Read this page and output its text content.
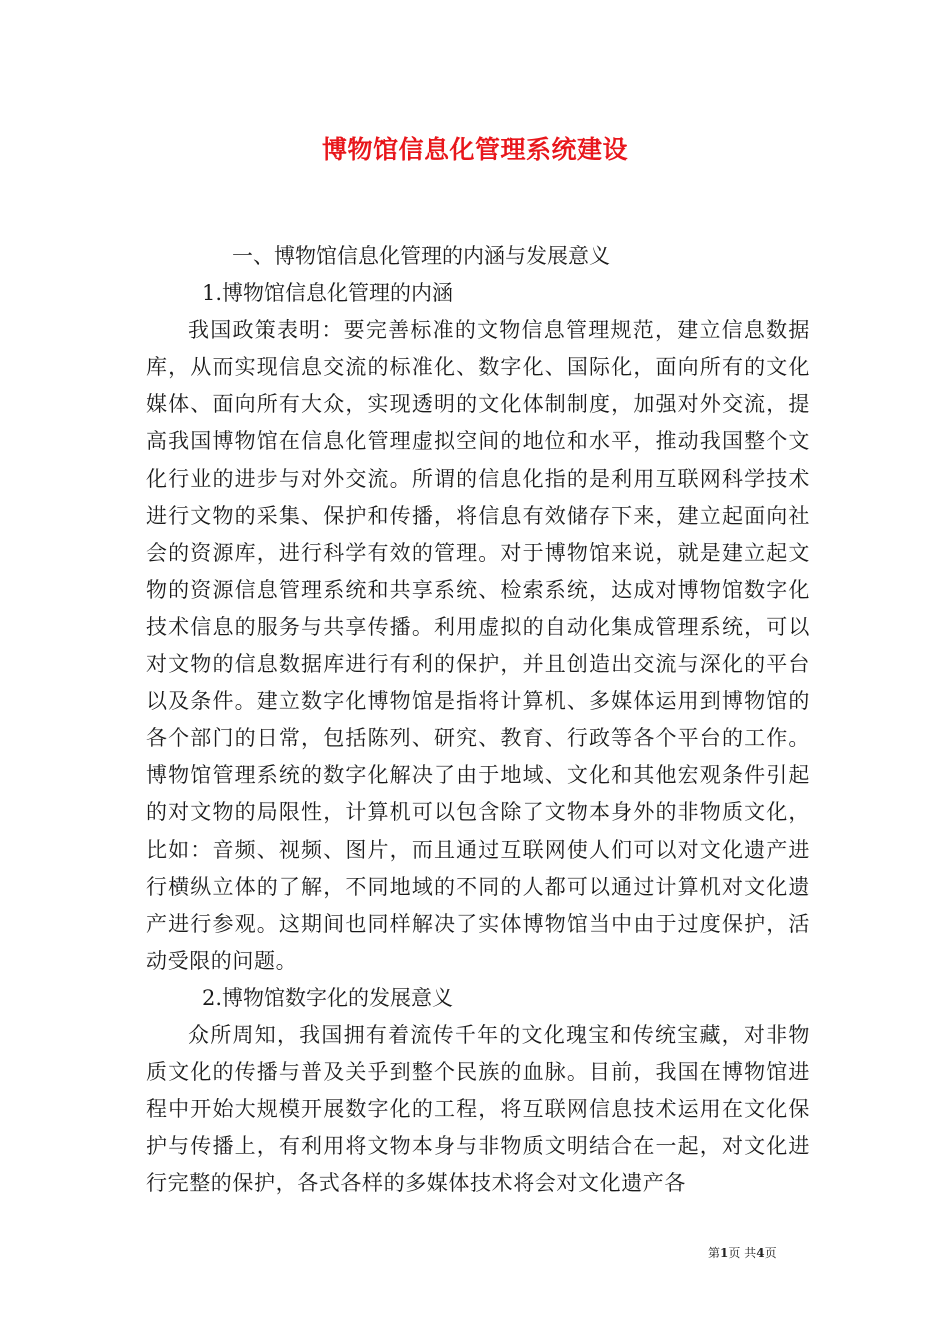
博物馆信息化管理系统建设
一、博物馆信息化管理的内涵与发展意义
1.博物馆信息化管理的内涵
我国政策表明：要完善标准的文物信息管理规范，建立信息数据库，从而实现信息交流的标准化、数字化、国际化，面向所有的文化媒体、面向所有大众，实现透明的文化体制制度，加强对外交流，提高我国博物馆在信息化管理虚拟空间的地位和水平，推动我国整个文化行业的进步与对外交流。所谓的信息化指的是利用互联网科学技术进行文物的采集、保护和传播，将信息有效储存下来，建立起面向社会的资源库，进行科学有效的管理。对于博物馆来说，就是建立起文物的资源信息管理系统和共享系统、检索系统，达成对博物馆数字化技术信息的服务与共享传播。利用虚拟的自动化集成管理系统，可以对文物的信息数据库进行有利的保护，并且创造出交流与深化的平台以及条件。建立数字化博物馆是指将计算机、多媒体运用到博物馆的各个部门的日常，包括陈列、研究、教育、行政等各个平台的工作。博物馆管理系统的数字化解决了由于地域、文化和其他宏观条件引起的对文物的局限性，计算机可以包含除了文物本身外的非物质文化，比如：音频、视频、图片，而且通过互联网使人们可以对文化遗产进行横纵立体的了解，不同地域的不同的人都可以通过计算机对文化遗产进行参观。这期间也同样解决了实体博物馆当中由于过度保护，活动受限的问题。
2.博物馆数字化的发展意义
众所周知，我国拥有着流传千年的文化瑰宝和传统宝藏，对非物质文化的传播与普及关乎到整个民族的血脉。目前，我国在博物馆进程中开始大规模开展数字化的工程，将互联网信息技术运用在文化保护与传播上，有利用将文物本身与非物质文明结合在一起，对文化进行完整的保护，各式各样的多媒体技术将会对文化遗产各
第1页 共4页
